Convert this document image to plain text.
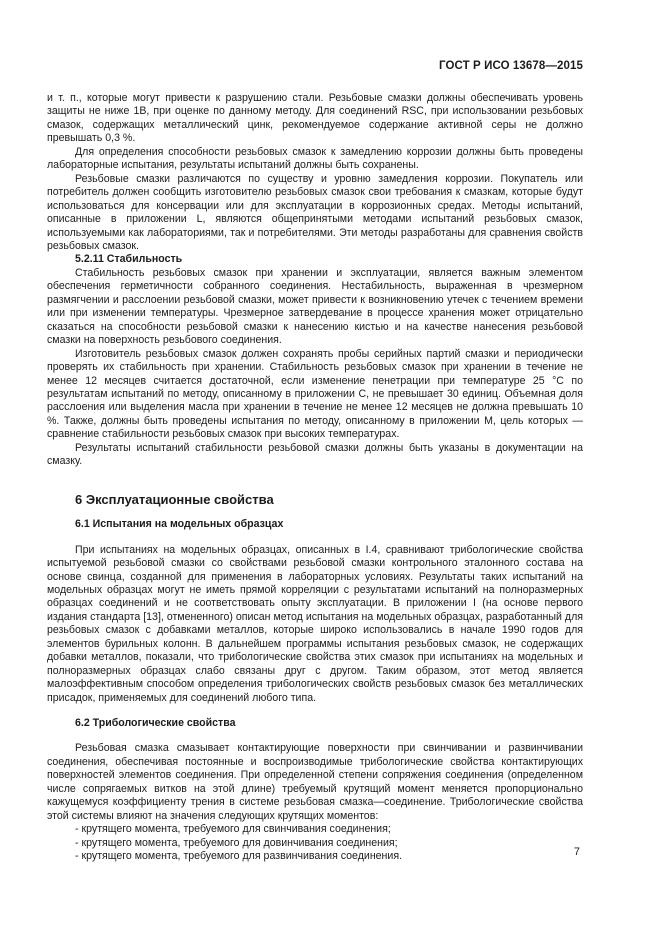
ГОСТ Р ИСО 13678—2015

и т. п., которые могут привести к разрушению стали. Резьбовые смазки должны обеспечивать уровень защиты не ниже 1В, при оценке по данному методу. Для соединений RSC, при использовании резьбовых смазок, содержащих металлический цинк, рекомендуемое содержание активной серы не должно превышать 0,3 %.

Для определения способности резьбовых смазок к замедлению коррозии должны быть проведены лабораторные испытания, результаты испытаний должны быть сохранены.

Резьбовые смазки различаются по существу и уровню замедления коррозии. Покупатель или потребитель должен сообщить изготовителю резьбовых смазок свои требования к смазкам, которые будут использоваться для консервации или для эксплуатации в коррозионных средах. Методы испытаний, описанные в приложении L, являются общепринятыми методами испытаний резьбовых смазок, используемыми как лабораториями, так и потребителями. Эти методы разработаны для сравнения свойств резьбовых смазок.

5.2.11 Стабильность

Стабильность резьбовых смазок при хранении и эксплуатации, является важным элементом обеспечения герметичности собранного соединения. Нестабильность, выраженная в чрезмерном размягчении и расслоении резьбовой смазки, может привести к возникновению утечек с течением времени или при изменении температуры. Чрезмерное затвердевание в процессе хранения может отрицательно сказаться на способности резьбовой смазки к нанесению кистью и на качестве нанесения резьбовой смазки на поверхность резьбового соединения.

Изготовитель резьбовых смазок должен сохранять пробы серийных партий смазки и периодически проверять их стабильность при хранении. Стабильность резьбовых смазок при хранении в течение не менее 12 месяцев считается достаточной, если изменение пенетрации при температуре 25 °С по результатам испытаний по методу, описанному в приложении С, не превышает 30 единиц. Объемная доля расслоения или выделения масла при хранении в течение не менее 12 месяцев не должна превышать 10 %. Также, должны быть проведены испытания по методу, описанному в приложении М, цель которых — сравнение стабильности резьбовых смазок при высоких температурах.

Результаты испытаний стабильности резьбовой смазки должны быть указаны в документации на смазку.

6 Эксплуатационные свойства
6.1 Испытания на модельных образцах

При испытаниях на модельных образцах, описанных в I.4, сравнивают трибологические свойства испытуемой резьбовой смазки со свойствами резьбовой смазки контрольного эталонного состава на основе свинца, созданной для применения в лабораторных условиях. Результаты таких испытаний на модельных образцах могут не иметь прямой корреляции с результатами испытаний на полноразмерных образцах соединений и не соответствовать опыту эксплуатации. В приложении I (на основе первого издания стандарта [13], отмененного) описан метод испытания на модельных образцах, разработанный для резьбовых смазок с добавками металлов, которые широко использовались в начале 1990 годов для элементов бурильных колонн. В дальнейшем программы испытания резьбовых смазок, не содержащих добавки металлов, показали, что трибологические свойства этих смазок при испытаниях на модельных и полноразмерных образцах слабо связаны друг с другом. Таким образом, этот метод является малоэффективным способом определения трибологических свойств резьбовых смазок без металлических присадок, применяемых для соединений любого типа.

6.2 Трибологические свойства

Резьбовая смазка смазывает контактирующие поверхности при свинчивании и развинчивании соединения, обеспечивая постоянные и воспроизводимые трибологические свойства контактирующих поверхностей элементов соединения. При определенной степени сопряжения соединения (определенном числе сопрягаемых витков на этой длине) требуемый крутящий момент меняется пропорционально кажущемуся коэффициенту трения в системе резьбовая смазка—соединение. Трибологические свойства этой системы влияют на значения следующих крутящих моментов:

- крутящего момента, требуемого для свинчивания соединения;
- крутящего момента, требуемого для довинчивания соединения;
- крутящего момента, требуемого для развинчивания соединения.	7
